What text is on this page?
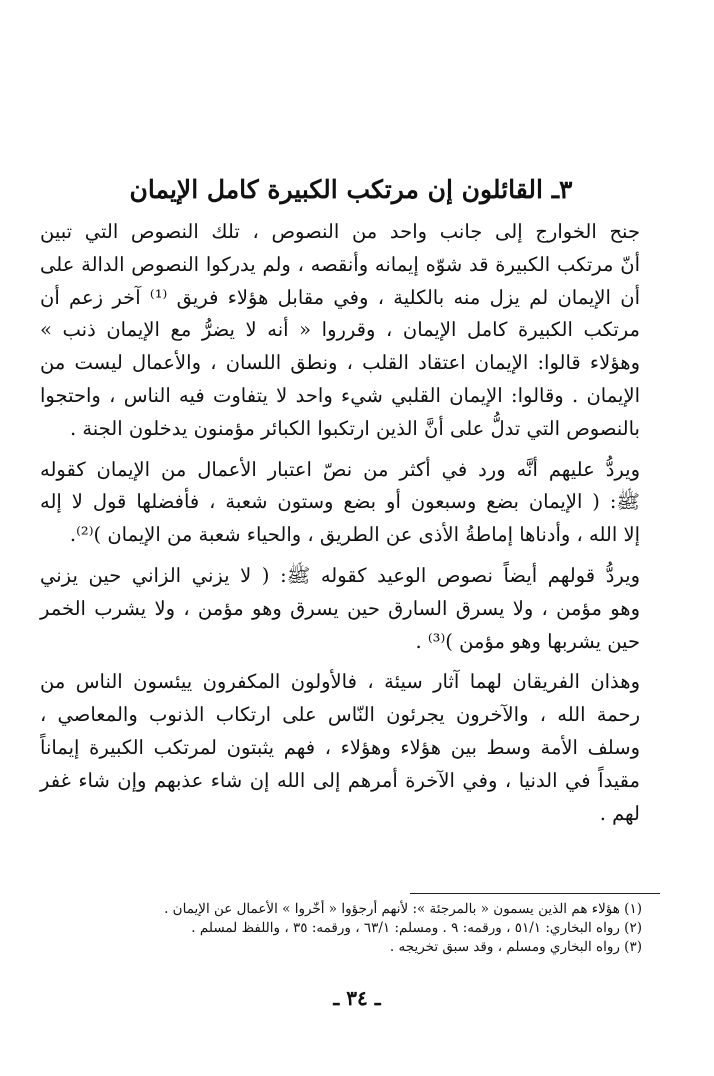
٣ـ القائلون إن مرتكب الكبيرة كامل الإيمان

جنح الخوارج إلى جانب واحد من النصوص ، تلك النصوص التي تبين
أنّ مرتكب الكبيرة قد شوّه إيمانه وأنقصه ، ولم يدركوا النصوص الدالة على
أن الإيمان لم يزل منه بالكلية ، وفي مقابل هؤلاء فريق ⁽¹⁾ آخر زعم أن
مرتكب الكبيرة كامل الإيمان ، وقرروا « أنه لا يضرُّ مع الإيمان ذنب »
وهؤلاء قالوا: الإيمان اعتقاد القلب ، ونطق اللسان ، والأعمال ليست من
الإيمان . وقالوا: الإيمان القلبي شيء واحد لا يتفاوت فيه الناس ، واحتجوا
بالنصوص التي تدلُّ على أنَّ الذين ارتكبوا الكبائر مؤمنون يدخلون الجنة .

ويردُّ عليهم أنَّه ورد في أكثر من نصّ اعتبار الأعمال من الإيمان كقوله
ﷺ: ( الإيمان بضع وسبعون أو بضع وستون شعبة ، فأفضلها قول لا إله
إلا الله ، وأدناها إماطةُ الأذى عن الطريق ، والحياء شعبة من الإيمان )⁽²⁾.

ويردُّ قولهم أيضاً نصوص الوعيد كقوله ﷺ: ( لا يزني الزاني حين يزني
وهو مؤمن ، ولا يسرق السارق حين يسرق وهو مؤمن ، ولا يشرب الخمر
حين يشربها وهو مؤمن )⁽³⁾ .

وهذان الفريقان لهما آثار سيئة ، فالأولون المكفرون ييئسون الناس من
رحمة الله ، والآخرون يجرئون النّاس على ارتكاب الذنوب والمعاصي ،
وسلف الأمة وسط بين هؤلاء وهؤلاء ، فهم يثبتون لمرتكب الكبيرة إيماناً
مقيداً في الدنيا ، وفي الآخرة أمرهم إلى الله إن شاء عذبهم وإن شاء غفر
لهم .

(١) هؤلاء هم الذين يسمون « بالمرجئة »: لأنهم أرجؤوا « أخّروا » الأعمال عن الإيمان .
(٢) رواه البخاري: ٥١/١ ، ورقمه: ٩ . ومسلم: ٦٣/١ ، ورقمه: ٣٥ ، واللفظ لمسلم .
(٣) رواه البخاري ومسلم ، وقد سبق تخريجه .
ـ ٣٤ ـ
